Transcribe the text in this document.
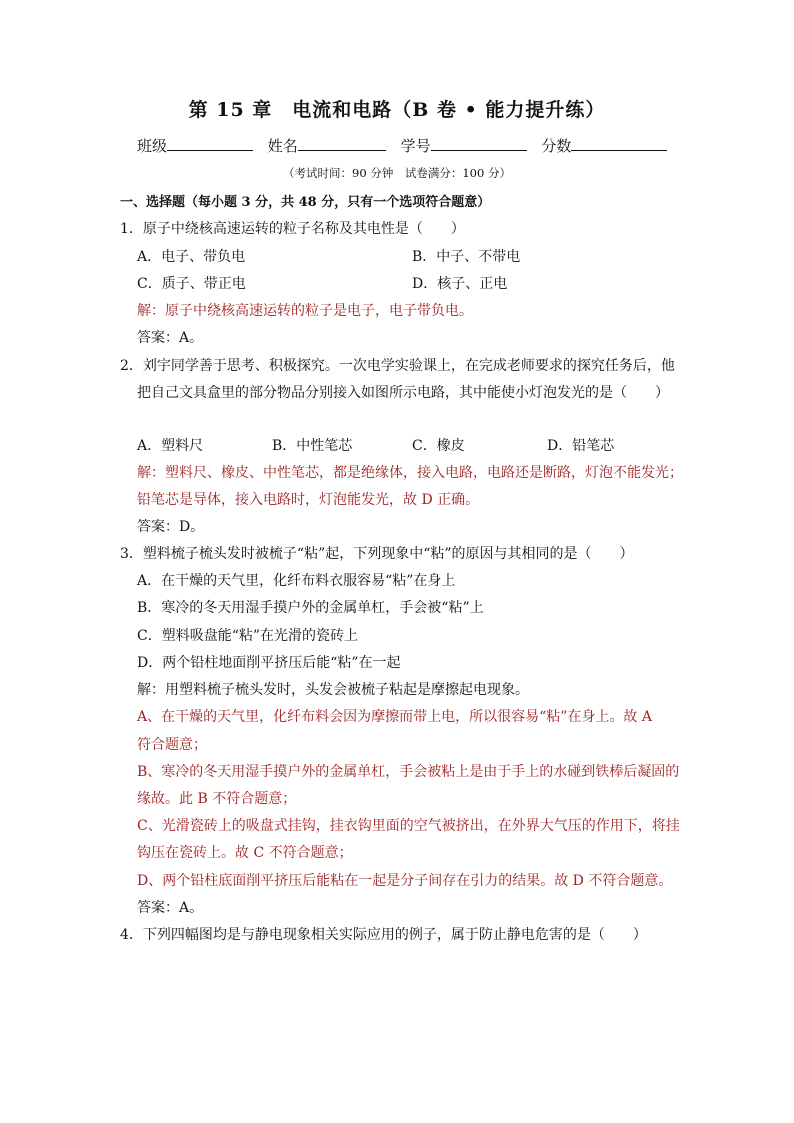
第 15 章　电流和电路（B 卷 • 能力提升练）
班级	姓名	学号	分数
（考试时间：90 分钟　试卷满分：100 分）
一、选择题（每小题 3 分，共 48 分，只有一个选项符合题意）
1．原子中绕核高速运转的粒子名称及其电性是（　　）
A．电子、带负电	B．中子、不带电
C．质子、带正电	D．核子、正电
解：原子中绕核高速运转的粒子是电子，电子带负电。
答案：A。
2．刘宇同学善于思考、积极探究。一次电学实验课上，在完成老师要求的探究任务后，他
把自己文具盒里的部分物品分别接入如图所示电路，其中能使小灯泡发光的是（　　）
A．塑料尺	B．中性笔芯	C．橡皮	D．铅笔芯
解：塑料尺、橡皮、中性笔芯，都是绝缘体，接入电路，电路还是断路，灯泡不能发光；
铅笔芯是导体，接入电路时，灯泡能发光，故 D 正确。
答案：D。
3．塑料梳子梳头发时被梳子“粘”起，下列现象中“粘”的原因与其相同的是（　　）
A．在干燥的天气里，化纤布料衣服容易“粘”在身上
B．寒冷的冬天用湿手摸户外的金属单杠，手会被“粘”上
C．塑料吸盘能“粘”在光滑的瓷砖上
D．两个铅柱地面削平挤压后能“粘”在一起
解：用塑料梳子梳头发时，头发会被梳子粘起是摩擦起电现象。
A、在干燥的天气里，化纤布料会因为摩擦而带上电，所以很容易“粘”在身上。故 A
符合题意；
B、寒冷的冬天用湿手摸户外的金属单杠，手会被粘上是由于手上的水碰到铁棒后凝固的
缘故。此 B 不符合题意；
C、光滑瓷砖上的吸盘式挂钩，挂衣钩里面的空气被挤出，在外界大气压的作用下，将挂
钩压在瓷砖上。故 C 不符合题意；
D、两个铅柱底面削平挤压后能粘在一起是分子间存在引力的结果。故 D 不符合题意。
答案：A。
4．下列四幅图均是与静电现象相关实际应用的例子，属于防止静电危害的是（　　）
